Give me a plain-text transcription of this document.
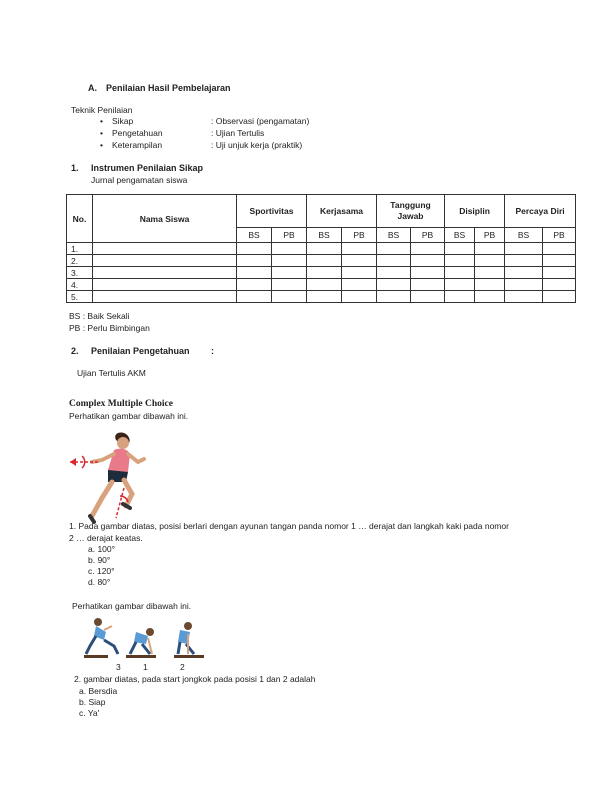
A. Penilaian Hasil Pembelajaran
Teknik Penilaian
• Sikap	: Observasi (pengamatan)
• Pengetahuan	: Ujian Tertulis
• Keterampilan	: Uji unjuk kerja (praktik)
1. Instrumen Penilaian Sikap
Jurnal pengamatan siswa
No.	Nama Siswa	Sportivitas		Kerjasama		Tanggung Jawab		Disiplin		Percaya Diri	
		BS	PB	BS	PB	BS	PB	BS	PB	BS	PB
1.											
2.											
3.											
4.											
5.											
BS : Baik Sekali
PB : Perlu Bimbingan
2. Penilaian Pengetahuan :
Ujian Tertulis AKM
Complex Multiple Choice
Perhatikan gambar dibawah ini.
1. Pada gambar diatas, posisi berlari dengan ayunan tangan panda nomor 1 … derajat dan langkah kaki pada nomor
2 … derajat keatas.
a. 100°
b. 90°
c. 120°
d. 80°
Perhatikan gambar dibawah ini.
3	1	2
2. gambar diatas, pada start jongkok pada posisi 1 dan 2 adalah
a. Bersdia
b. Siap
c. Ya'
